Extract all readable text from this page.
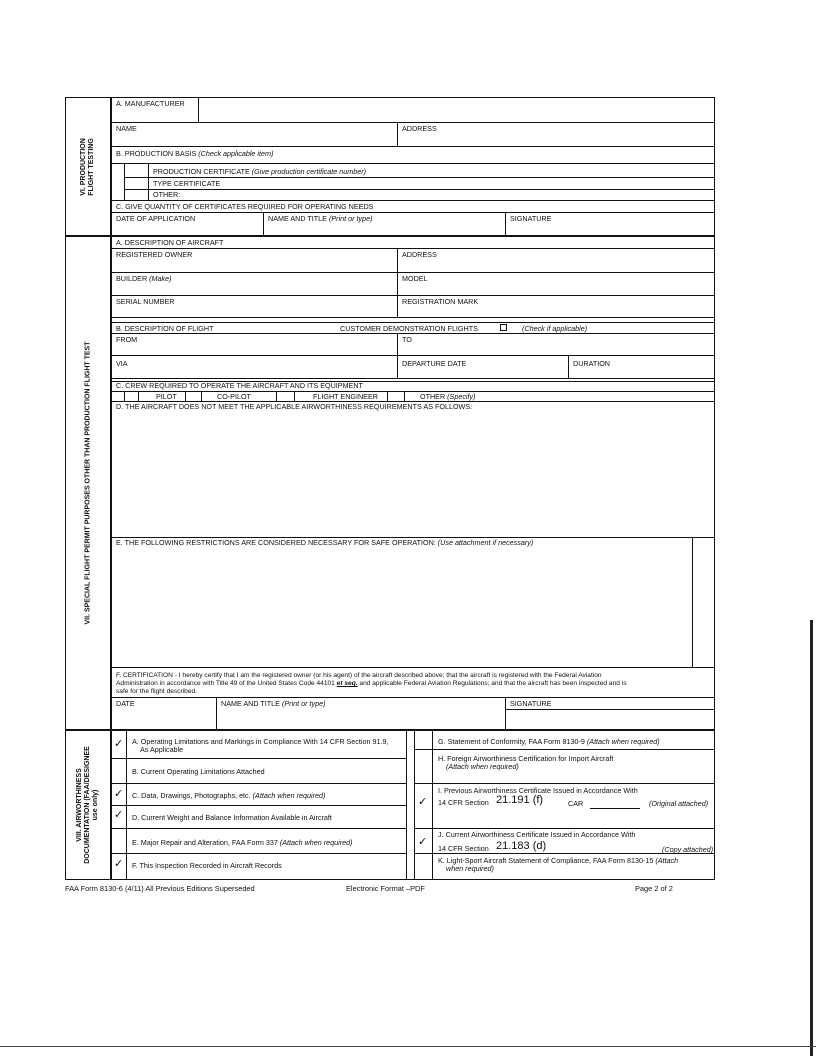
VI. PRODUCTION
FLIGHT TESTING
A. MANUFACTURER
NAME	ADDRESS
B. PRODUCTION BASIS (Check applicable item)
PRODUCTION CERTIFICATE (Give production certificate number)
TYPE CERTIFICATE
OTHER:
C. GIVE QUANTITY OF CERTIFICATES REQUIRED FOR OPERATING NEEDS
DATE OF APPLICATION	NAME AND TITLE (Print or type)	SIGNATURE
VII. SPECIAL FLIGHT PERMIT PURPOSES OTHER THAN PRODUCTION FLIGHT TEST
A. DESCRIPTION OF AIRCRAFT
REGISTERED OWNER	ADDRESS
BUILDER (Make)	MODEL
SERIAL NUMBER	REGISTRATION MARK
B. DESCRIPTION OF FLIGHT	CUSTOMER DEMONSTRATION FLIGHTS	(Check if applicable)
FROM	TO
VIA	DEPARTURE DATE	DURATION
C. CREW REQUIRED TO OPERATE THE AIRCRAFT AND ITS EQUIPMENT
PILOT	CO-PILOT	FLIGHT ENGINEER	OTHER (Specify)
D. THE AIRCRAFT DOES NOT MEET THE APPLICABLE AIRWORTHINESS REQUIREMENTS AS FOLLOWS:
E. THE FOLLOWING RESTRICTIONS ARE CONSIDERED NECESSARY FOR SAFE OPERATION: (Use attachment if necessary)
F. CERTIFICATION - I hereby certify that I am the registered owner (or his agent) of the aircraft described above; that the aircraft is registered with the Federal Aviation
Administration in accordance with Title 49 of the United States Code 44101 et seq. and applicable Federal Aviation Regulations; and that the aircraft has been inspected and is
safe for the flight described.
DATE	NAME AND TITLE (Print or type)	SIGNATURE
VIII. AIRWORTHINESS DOCUMENTATION (FAA/DESIGNEE use only)
✓ A. Operating Limitations and Markings in Compliance With 14 CFR Section 91.9,
As Applicable
B. Current Operating Limitations Attached
✓ C. Data, Drawings, Photographs, etc. (Attach when required)
✓ D. Current Weight and Balance Information Available in Aircraft
E. Major Repair and Alteration, FAA Form 337 (Attach when required)
✓ F. This Inspection Recorded in Aircraft Records
G. Statement of Conformity, FAA Form 8130-9 (Attach when required)
H. Foreign Airworthiness Certification for Import Aircraft
(Attach when required)
✓
I. Previous Airworthiness Certificate Issued in Accordance With
14 CFR Section 21.191 (f)	CAR	(Original attached)
✓
J. Current Airworthiness Certificate Issued in Accordance With
14 CFR Section 21.183 (d)	(Copy attached)
K. Light-Sport Aircraft Statement of Compliance, FAA Form 8130-15 (Attach
when required)
FAA Form 8130-6 (4/11) All Previous Editions Superseded	Electronic Format –PDF	Page 2 of 2
